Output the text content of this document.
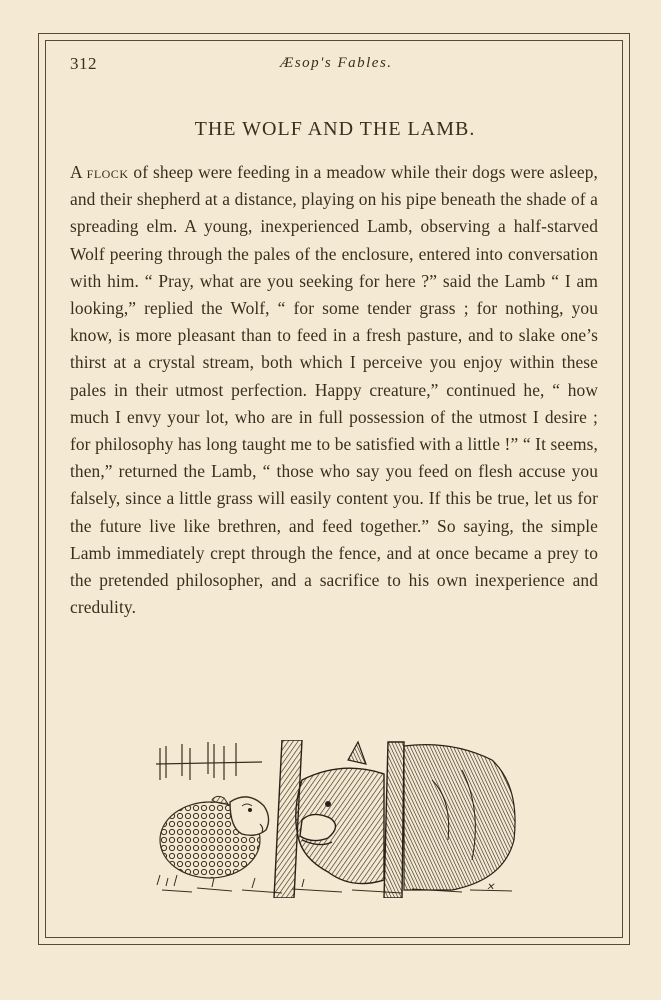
312	Æsop's Fables.
THE WOLF AND THE LAMB.

A flock of sheep were feeding in a meadow while their dogs were asleep, and their shepherd at a distance, playing on his pipe beneath the shade of a spreading elm. A young, inexperienced Lamb, observing a half-starved Wolf peering through the pales of the enclosure, entered into conversation with him. “ Pray, what are you seeking for here ?” said the Lamb “ I am looking,” replied the Wolf, “ for some tender grass ; for nothing, you know, is more pleasant than to feed in a fresh pasture, and to slake one’s thirst at a crystal stream, both which I perceive you enjoy within these pales in their utmost perfection. Happy creature,” continued he, “ how much I envy your lot, who are in full possession of the utmost I desire ; for philosophy has long taught me to be satisfied with a little !” “ It seems, then,” returned the Lamb, “ those who say you feed on flesh accuse you falsely, since a little grass will easily content you. If this be true, let us for the future live like brethren, and feed together.” So saying, the simple Lamb immediately crept through the fence, and at once became a prey to the pretended philosopher, and a sacrifice to his own inexperience and credulity.

✕
